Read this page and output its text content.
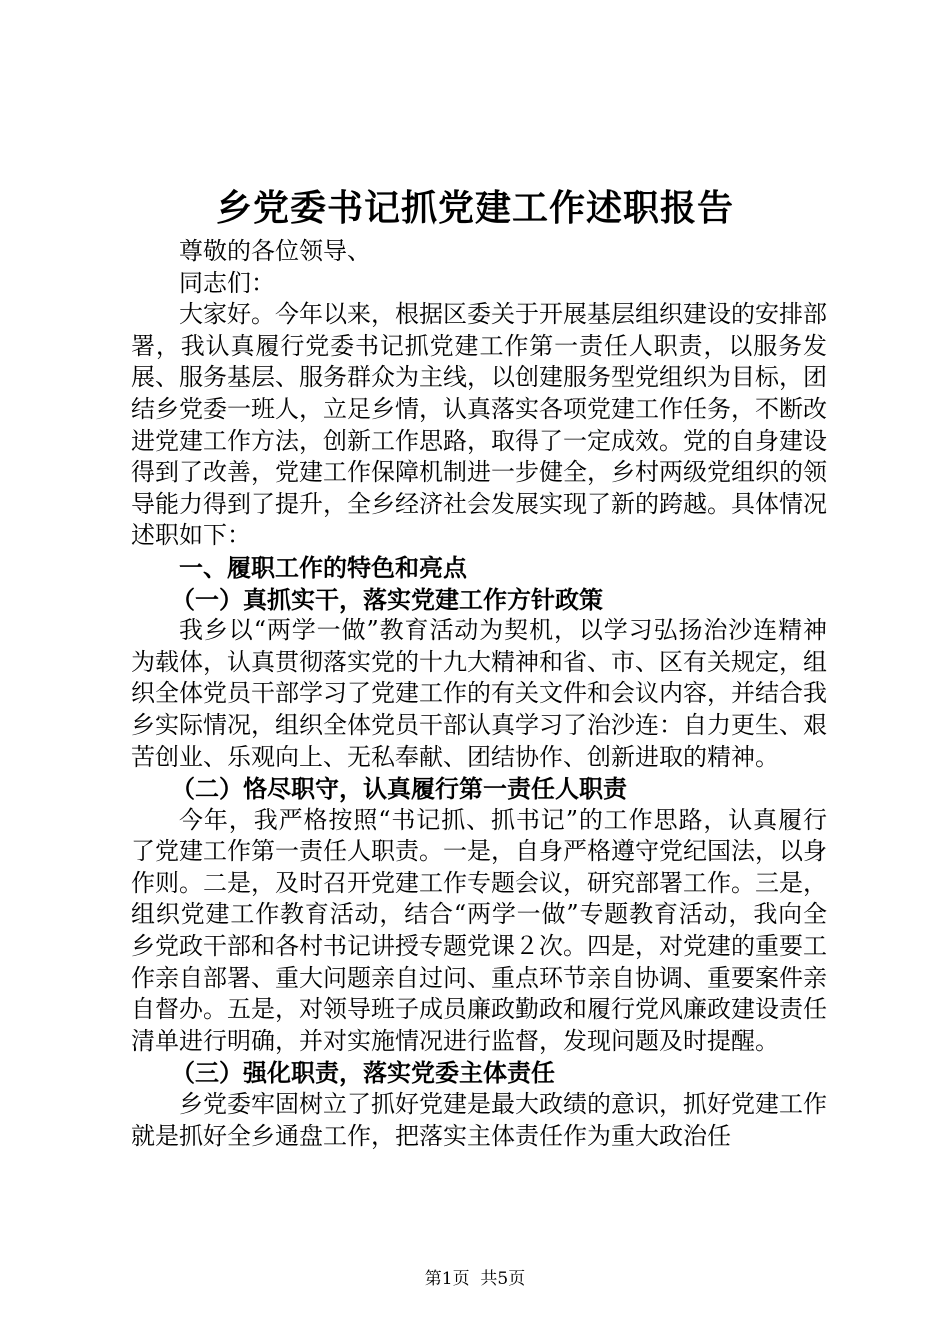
乡党委书记抓党建工作述职报告

尊敬的各位领导、

同志们：

大家好。今年以来，根据区委关于开展基层组织建设的安排部署，我认真履行党委书记抓党建工作第一责任人职责，以服务发展、服务基层、服务群众为主线，以创建服务型党组织为目标，团结乡党委一班人，立足乡情，认真落实各项党建工作任务，不断改进党建工作方法，创新工作思路，取得了一定成效。党的自身建设得到了改善，党建工作保障机制进一步健全，乡村两级党组织的领导能力得到了提升，全乡经济社会发展实现了新的跨越。具体情况述职如下：

一、履职工作的特色和亮点

（一）真抓实干，落实党建工作方针政策

我乡以“两学一做”教育活动为契机，以学习弘扬治沙连精神为载体，认真贯彻落实党的十九大精神和省、市、区有关规定，组织全体党员干部学习了党建工作的有关文件和会议内容，并结合我乡实际情况，组织全体党员干部认真学习了治沙连：自力更生、艰苦创业、乐观向上、无私奉献、团结协作、创新进取的精神。

（二）恪尽职守，认真履行第一责任人职责

今年，我严格按照“书记抓、抓书记”的工作思路，认真履行了党建工作第一责任人职责。一是，自身严格遵守党纪国法，以身作则。二是，及时召开党建工作专题会议，研究部署工作。三是，组织党建工作教育活动，结合“两学一做”专题教育活动，我向全乡党政干部和各村书记讲授专题党课２次。四是，对党建的重要工作亲自部署、重大问题亲自过问、重点环节亲自协调、重要案件亲自督办。五是，对领导班子成员廉政勤政和履行党风廉政建设责任清单进行明确，并对实施情况进行监督，发现问题及时提醒。

（三）强化职责，落实党委主体责任

乡党委牢固树立了抓好党建是最大政绩的意识，抓好党建工作就是抓好全乡通盘工作，把落实主体责任作为重大政治任

第1页  共5页
